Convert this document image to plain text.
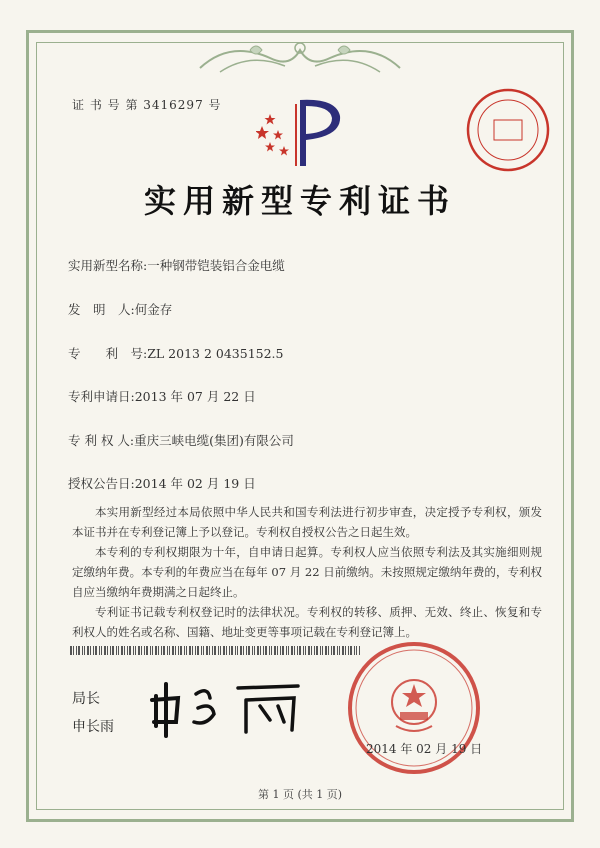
证 书 号 第 3416297 号
实用新型专利证书
实用新型名称:一种钢带铠装铝合金电缆
发　明　人:何金存
专　　利　号:ZL 2013 2 0435152.5
专利申请日:2013 年 07 月 22 日
专 利 权 人:重庆三峡电缆(集团)有限公司
授权公告日:2014 年 02 月 19 日

本实用新型经过本局依照中华人民共和国专利法进行初步审查，决定授予专利权，颁发本证书并在专利登记簿上予以登记。专利权自授权公告之日起生效。

本专利的专利权期限为十年，自申请日起算。专利权人应当依照专利法及其实施细则规定缴纳年费。本专利的年费应当在每年 07 月 22 日前缴纳。未按照规定缴纳年费的，专利权自应当缴纳年费期满之日起终止。

专利证书记载专利权登记时的法律状况。专利权的转移、质押、无效、终止、恢复和专利权人的姓名或名称、国籍、地址变更等事项记载在专利登记簿上。

局长
申长雨
2014 年 02 月 19 日
第 1 页 (共 1 页)
